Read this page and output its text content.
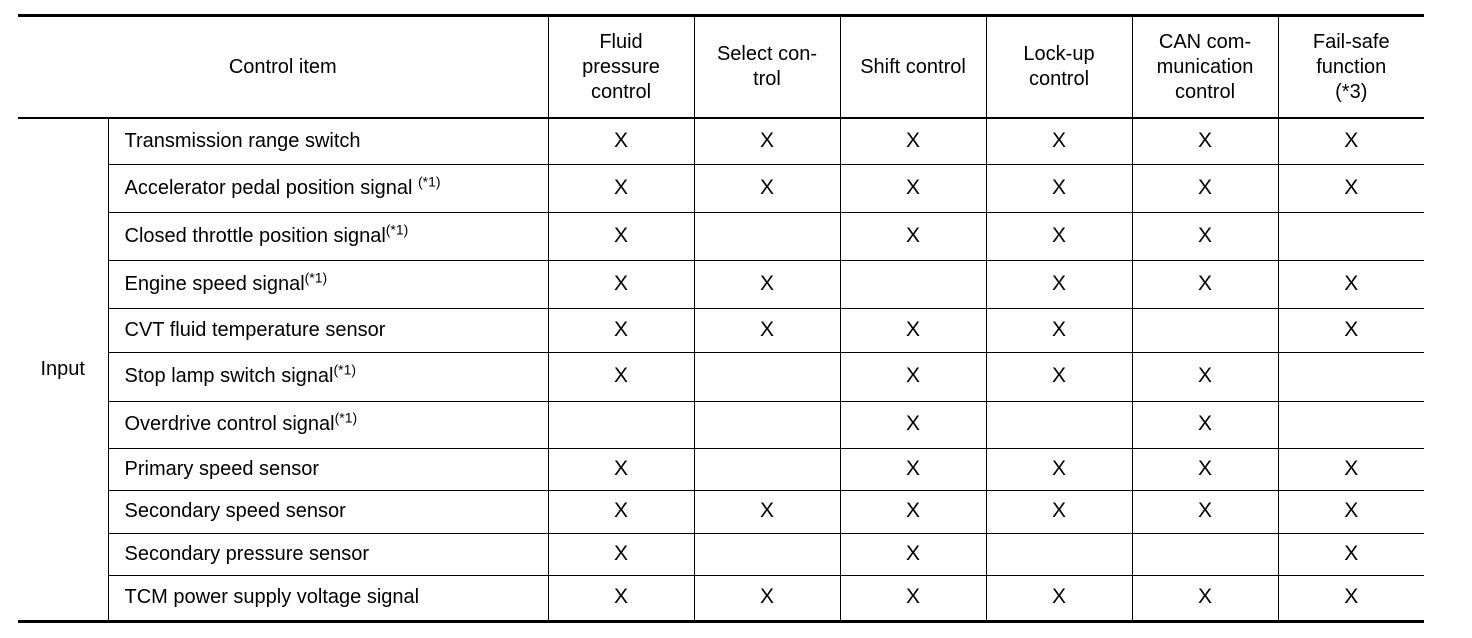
Control item		Fluid
pressure
control	Select con-
trol	Shift control	Lock-up
control	CAN com-
munication
control	Fail-safe
function
(*3)
Input	Transmission range switch	X	X	X	X	X	X
	Accelerator pedal position signal $^{(*1)}$	X	X	X	X	X	X
	Closed throttle position signal$^{(*1)}$	X		X	X	X	
	Engine speed signal$^{(*1)}$	X	X		X	X	X
	CVT fluid temperature sensor	X	X	X	X		X
	Stop lamp switch signal$^{(*1)}$	X		X	X	X	
	Overdrive control signal$^{(*1)}$			X		X	
	Primary speed sensor	X		X	X	X	X
	Secondary speed sensor	X	X	X	X	X	X
	Secondary pressure sensor	X		X			X
	TCM power supply voltage signal	X	X	X	X	X	X
